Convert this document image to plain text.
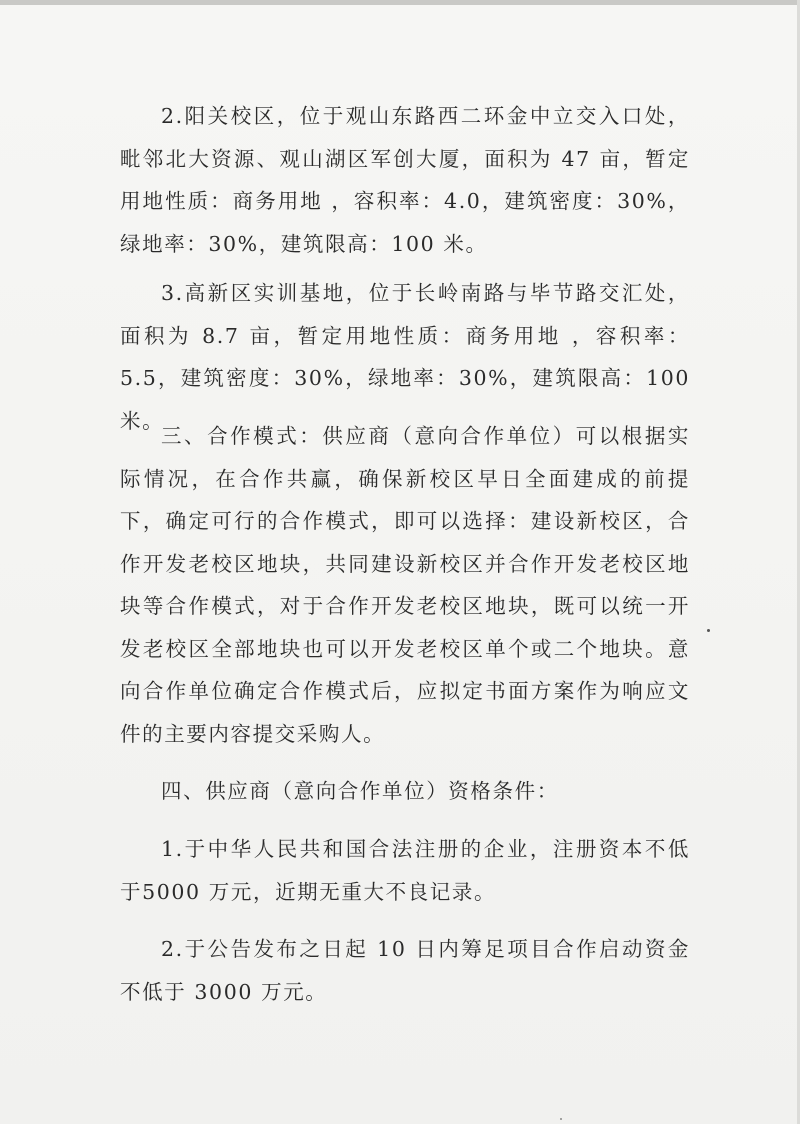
2.阳关校区，位于观山东路西二环金中立交入口处，毗邻北大资源、观山湖区军创大厦，面积为 47 亩，暂定用地性质：商务用地 ，容积率：4.0，建筑密度：30%，绿地率：30%，建筑限高：100 米。

3.高新区实训基地，位于长岭南路与毕节路交汇处，面积为 8.7 亩，暂定用地性质：商务用地 ，容积率：5.5，建筑密度：30%，绿地率：30%，建筑限高：100 米。

三、合作模式：供应商（意向合作单位）可以根据实际情况，在合作共赢，确保新校区早日全面建成的前提下，确定可行的合作模式，即可以选择：建设新校区，合作开发老校区地块，共同建设新校区并合作开发老校区地块等合作模式，对于合作开发老校区地块，既可以统一开发老校区全部地块也可以开发老校区单个或二个地块。意向合作单位确定合作模式后，应拟定书面方案作为响应文件的主要内容提交采购人。

四、供应商（意向合作单位）资格条件：

1.于中华人民共和国合法注册的企业，注册资本不低于5000 万元，近期无重大不良记录。

2.于公告发布之日起 10 日内筹足项目合作启动资金不低于 3000 万元。
